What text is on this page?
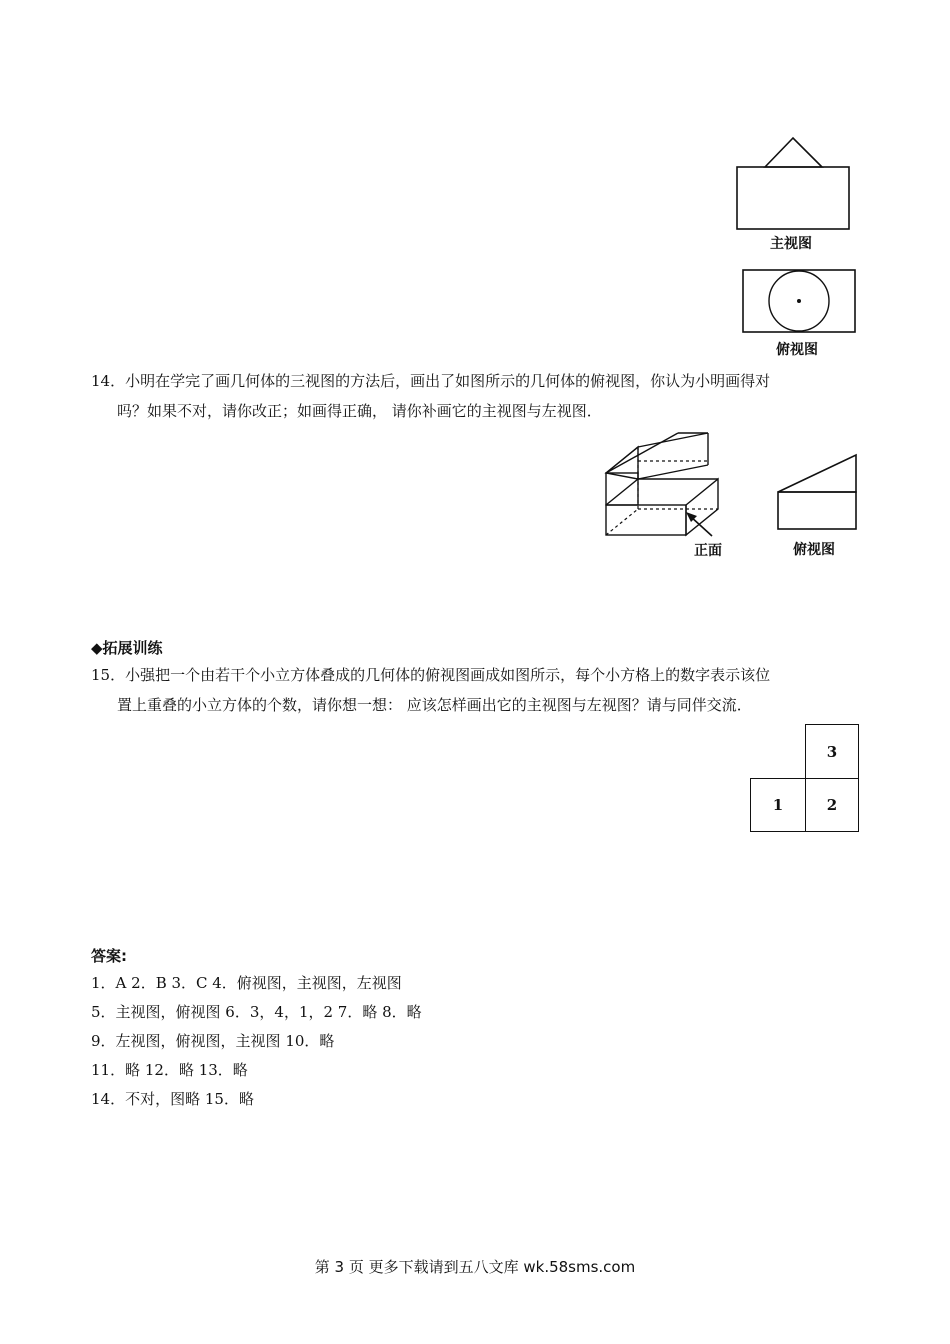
主视图
俯视图
14．小明在学完了画几何体的三视图的方法后，画出了如图所示的几何体的俯视图，你认为小明画得对
吗？如果不对，请你改正；如画得正确， 请你补画它的主视图与左视图．
正面	俯视图
◆拓展训练
15．小强把一个由若干个小立方体叠成的几何体的俯视图画成如图所示，每个小方格上的数字表示该位
置上重叠的小立方体的个数，请你想一想： 应该怎样画出它的主视图与左视图？请与同伴交流．
3
1	2
答案:
1．A 2．B 3．C 4．俯视图，主视图，左视图
5．主视图，俯视图 6．3，4，1，2 7．略 8．略
9．左视图，俯视图，主视图 10．略
11．略 12．略 13．略
14．不对，图略 15．略
第 3 页 更多下载请到五八文库 wk.58sms.com
